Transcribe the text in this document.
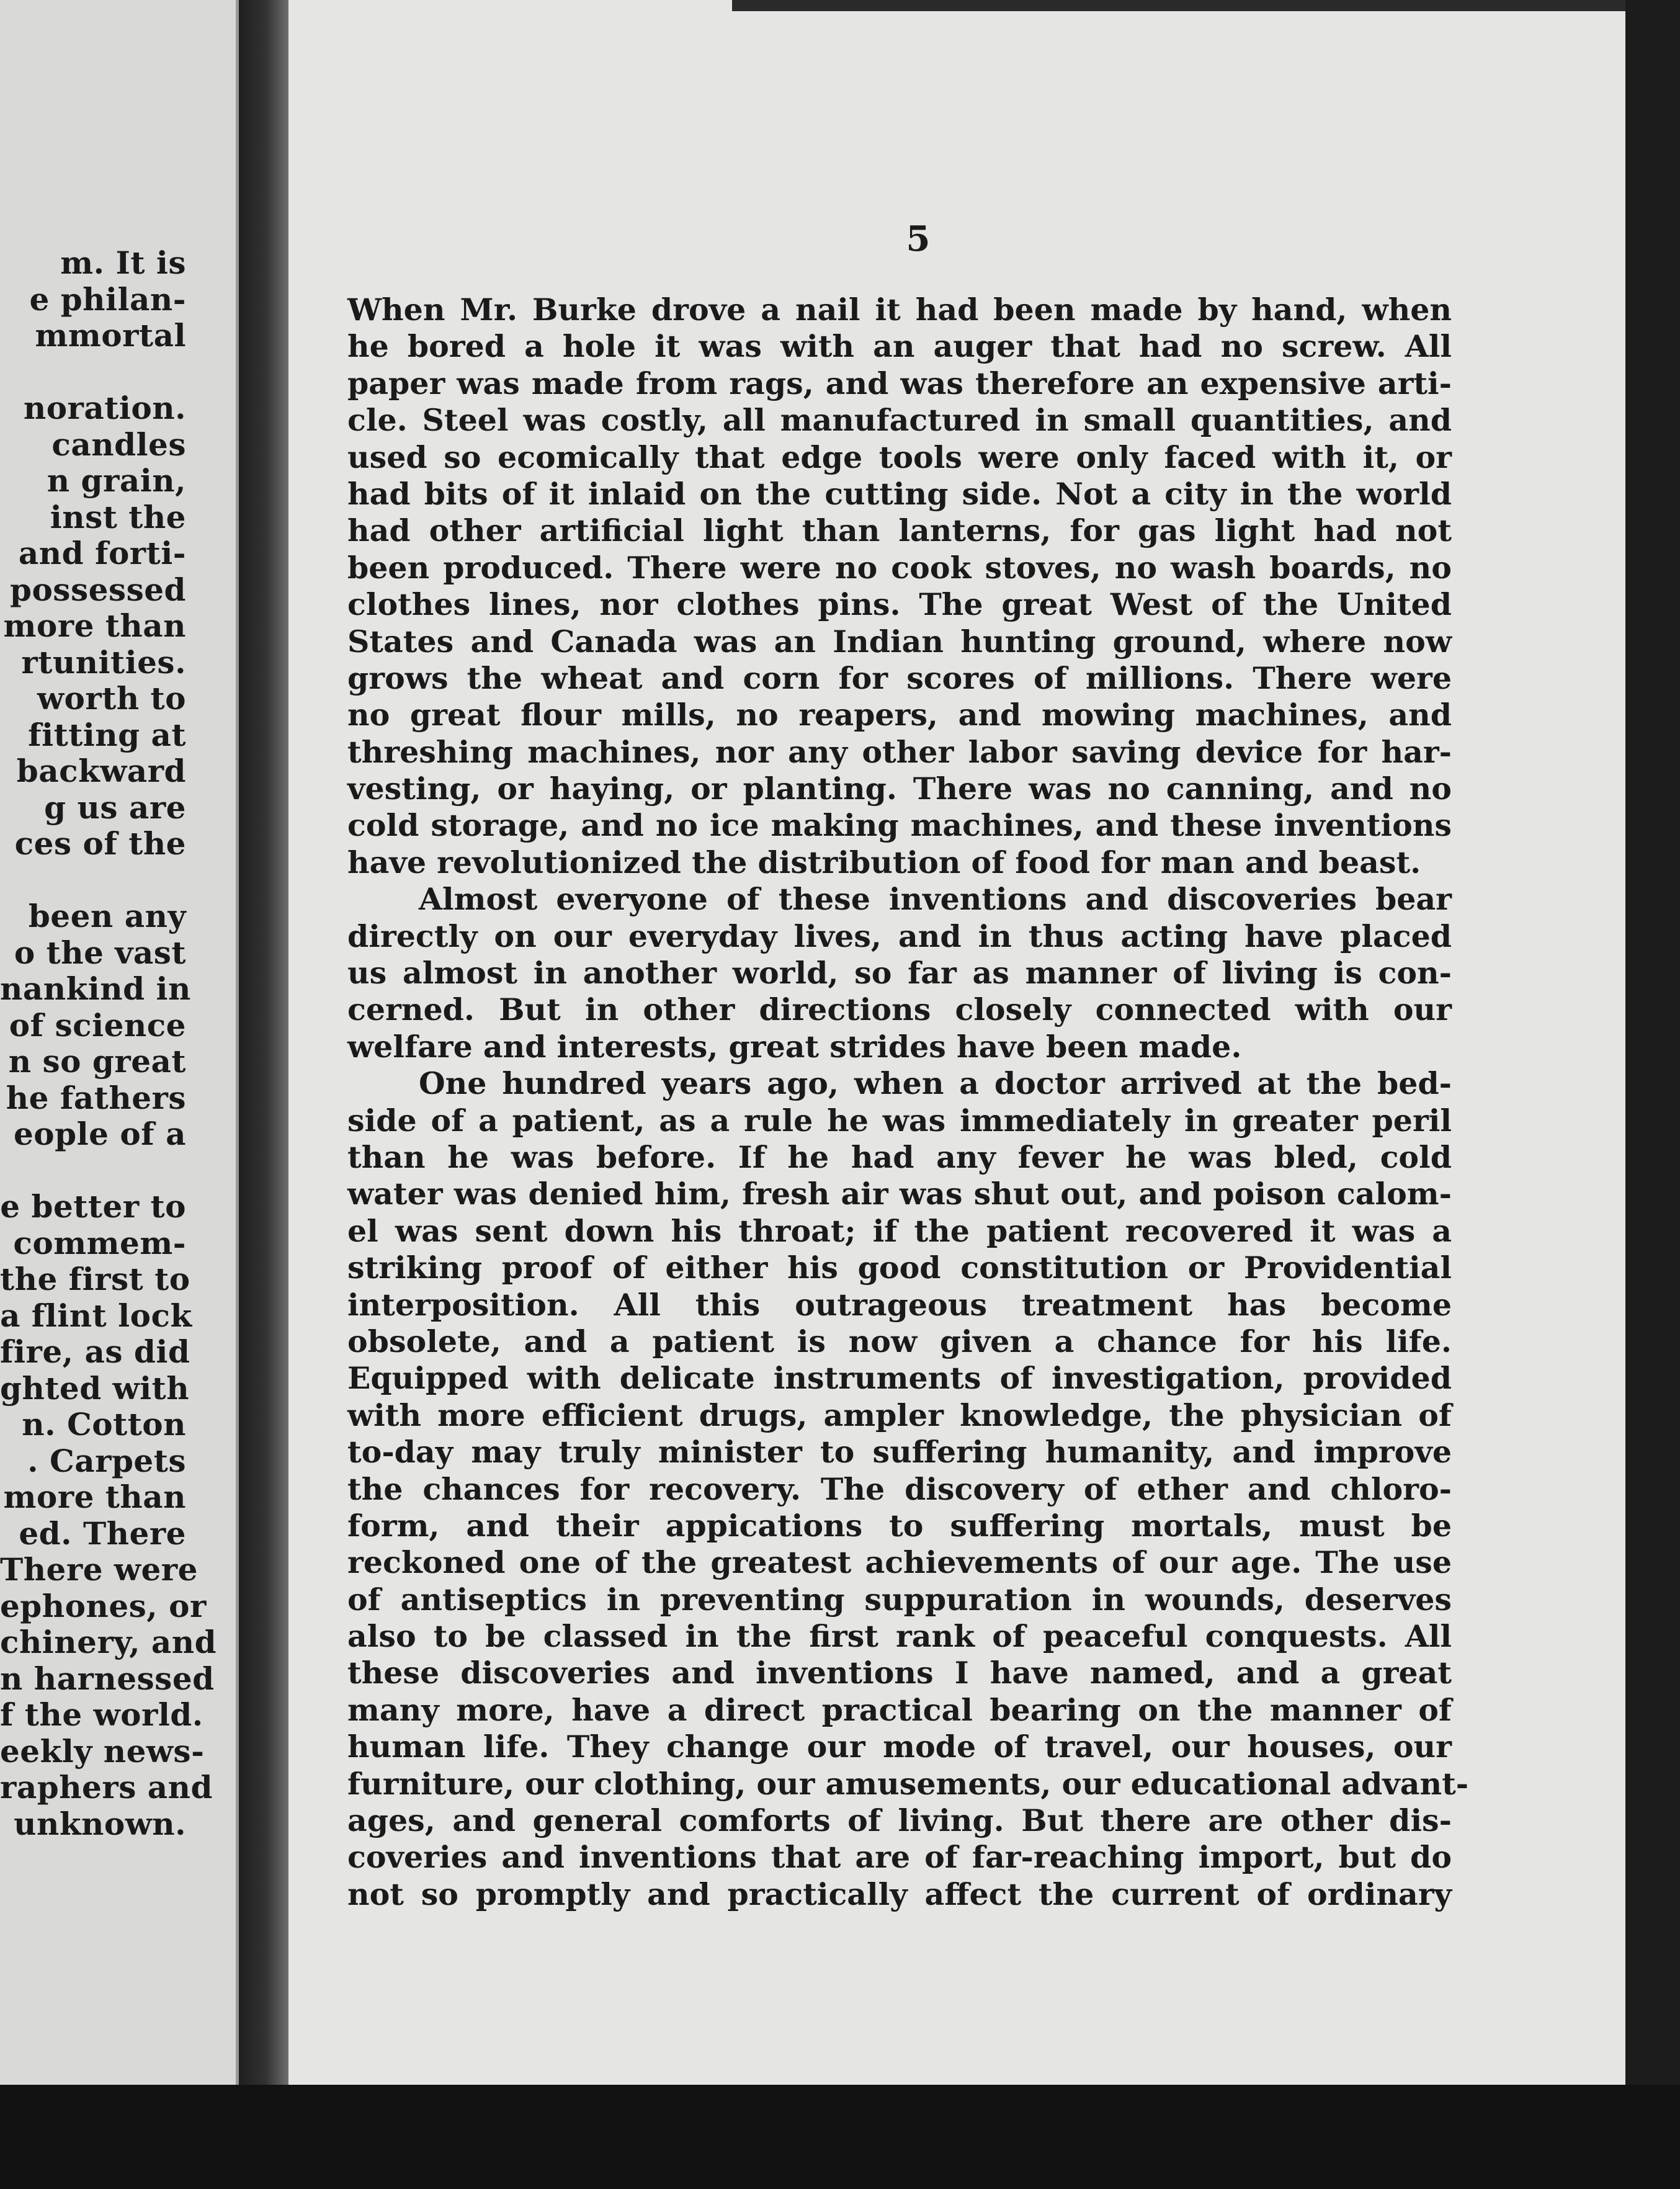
m. It is
e philan-
mmortal
noration.
candles
n grain,
inst the
and forti-
possessed
more than
rtunities.
worth to
fitting at
backward
g us are
ces of the
been any
o the vast
nankind in
of science
n so great
he fathers
eople of a
e better to
commem-
the first to
a flint lock
fire, as did
ghted with
n. Cotton
. Carpets
more than
ed. There
There were
ephones, or
chinery, and
n harnessed
f the world.
eekly news-
raphers and
unknown.
5
When Mr. Burke drove a nail it had been made by hand, when
he bored a hole it was with an auger that had no screw. All
paper was made from rags, and was therefore an expensive arti-
cle. Steel was costly, all manufactured in small quantities, and
used so ecomically that edge tools were only faced with it, or
had bits of it inlaid on the cutting side. Not a city in the world
had other artificial light than lanterns, for gas light had not
been produced. There were no cook stoves, no wash boards, no
clothes lines, nor clothes pins. The great West of the United
States and Canada was an Indian hunting ground, where now
grows the wheat and corn for scores of millions. There were
no great flour mills, no reapers, and mowing machines, and
threshing machines, nor any other labor saving device for har-
vesting, or haying, or planting. There was no canning, and no
cold storage, and no ice making machines, and these inventions
have revolutionized the distribution of food for man and beast.
Almost everyone of these inventions and discoveries bear
directly on our everyday lives, and in thus acting have placed
us almost in another world, so far as manner of living is con-
cerned. But in other directions closely connected with our
welfare and interests, great strides have been made.
One hundred years ago, when a doctor arrived at the bed-
side of a patient, as a rule he was immediately in greater peril
than he was before. If he had any fever he was bled, cold
water was denied him, fresh air was shut out, and poison calom-
el was sent down his throat; if the patient recovered it was a
striking proof of either his good constitution or Providential
interposition. All this outrageous treatment has become
obsolete, and a patient is now given a chance for his life.
Equipped with delicate instruments of investigation, provided
with more efficient drugs, ampler knowledge, the physician of
to-day may truly minister to suffering humanity, and improve
the chances for recovery. The discovery of ether and chloro-
form, and their appications to suffering mortals, must be
reckoned one of the greatest achievements of our age. The use
of antiseptics in preventing suppuration in wounds, deserves
also to be classed in the first rank of peaceful conquests. All
these discoveries and inventions I have named, and a great
many more, have a direct practical bearing on the manner of
human life. They change our mode of travel, our houses, our
furniture, our clothing, our amusements, our educational advant-
ages, and general comforts of living. But there are other dis-
coveries and inventions that are of far-reaching import, but do
not so promptly and practically affect the current of ordinary
